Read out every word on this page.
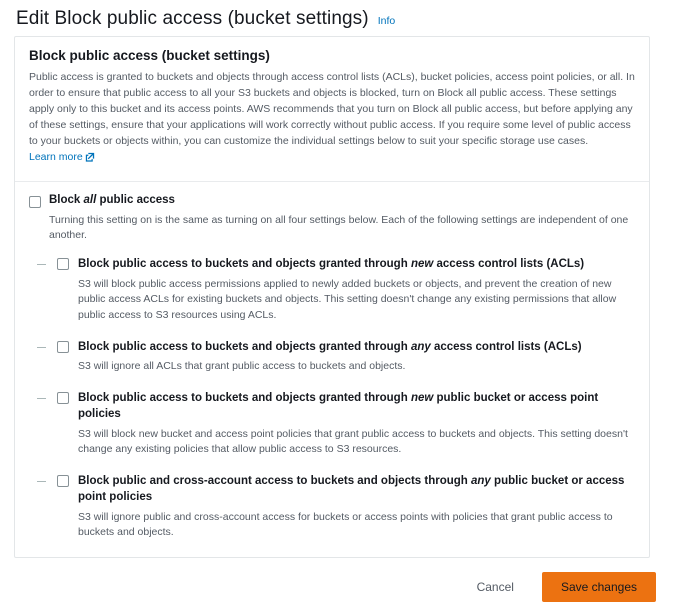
Edit Block public access (bucket settings) Info
Block public access (bucket settings)
Public access is granted to buckets and objects through access control lists (ACLs), bucket policies, access point policies, or all. In order to ensure that public access to all your S3 buckets and objects is blocked, turn on Block all public access. These settings apply only to this bucket and its access points. AWS recommends that you turn on Block all public access, but before applying any of these settings, ensure that your applications will work correctly without public access. If you require some level of public access to your buckets or objects within, you can customize the individual settings below to suit your specific storage use cases. Learn more
Block all public access
Turning this setting on is the same as turning on all four settings below. Each of the following settings are independent of one another.
Block public access to buckets and objects granted through new access control lists (ACLs)
S3 will block public access permissions applied to newly added buckets or objects, and prevent the creation of new public access ACLs for existing buckets and objects. This setting doesn't change any existing permissions that allow public access to S3 resources using ACLs.
Block public access to buckets and objects granted through any access control lists (ACLs)
S3 will ignore all ACLs that grant public access to buckets and objects.
Block public access to buckets and objects granted through new public bucket or access point policies
S3 will block new bucket and access point policies that grant public access to buckets and objects. This setting doesn't change any existing policies that allow public access to S3 resources.
Block public and cross-account access to buckets and objects through any public bucket or access point policies
S3 will ignore public and cross-account access for buckets or access points with policies that grant public access to buckets and objects.
Cancel	Save changes
